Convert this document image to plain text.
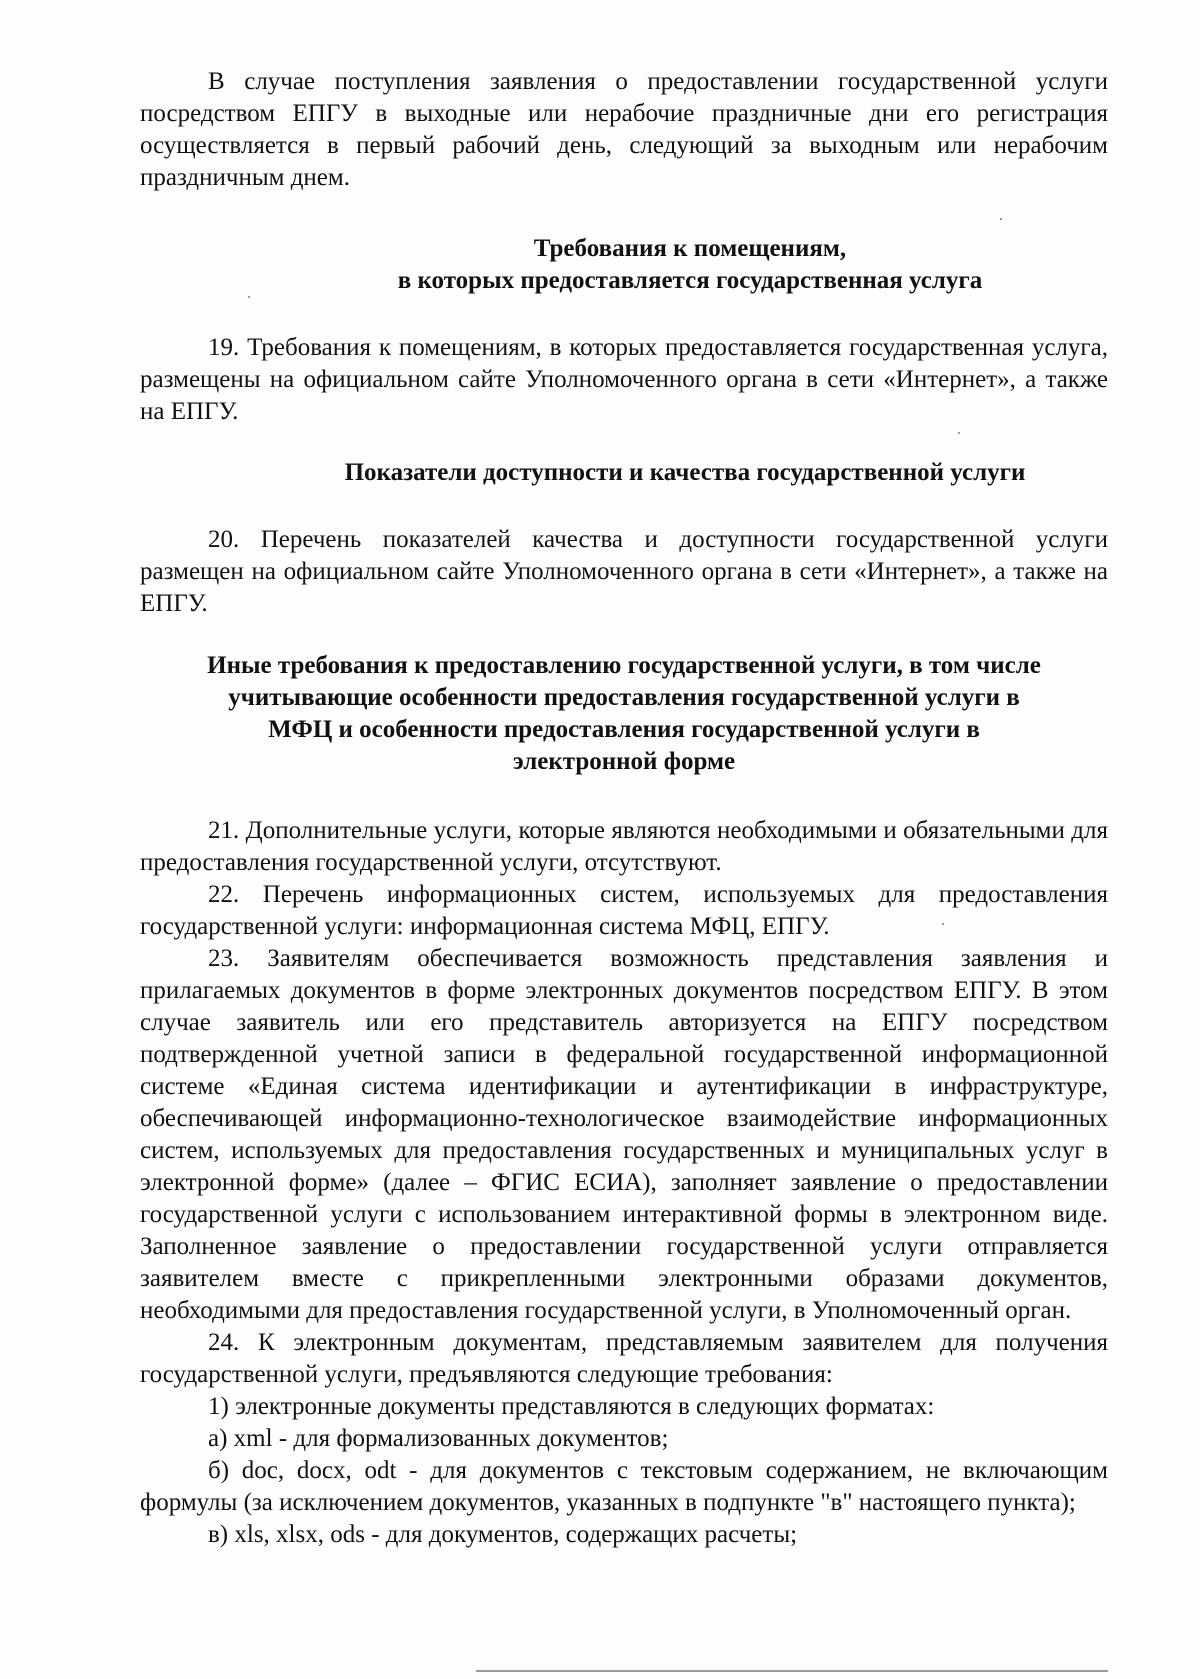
В случае поступления заявления о предоставлении государственной услуги посредством ЕПГУ в выходные или нерабочие праздничные дни его регистрация осуществляется в первый рабочий день, следующий за выходным или нерабочим праздничным днем.

Требования к помещениям,
в которых предоставляется государственная услуга

19. Требования к помещениям, в которых предоставляется государственная услуга, размещены на официальном сайте Уполномоченного органа в сети «Интернет», а также на ЕПГУ.

Показатели доступности и качества государственной услуги

20. Перечень показателей качества и доступности государственной услуги размещен на официальном сайте Уполномоченного органа в сети «Интернет», а также на ЕПГУ.

Иные требования к предоставлению государственной услуги, в том числе
учитывающие особенности предоставления государственной услуги в
МФЦ и особенности предоставления государственной услуги в
электронной форме

21. Дополнительные услуги, которые являются необходимыми и обязательными для предоставления государственной услуги, отсутствуют.

22. Перечень информационных систем, используемых для предоставления государственной услуги: информационная система МФЦ, ЕПГУ.

23. Заявителям обеспечивается возможность представления заявления и прилагаемых документов в форме электронных документов посредством ЕПГУ. В этом случае заявитель или его представитель авторизуется на ЕПГУ посредством подтвержденной учетной записи в федеральной государственной информационной системе «Единая система идентификации и аутентификации в инфраструктуре, обеспечивающей информационно-технологическое взаимодействие информационных систем, используемых для предоставления государственных и муниципальных услуг в электронной форме» (далее – ФГИС ЕСИА), заполняет заявление о предоставлении государственной услуги с использованием интерактивной формы в электронном виде. Заполненное заявление о предоставлении государственной услуги отправляется заявителем вместе с прикрепленными электронными образами документов, необходимыми для предоставления государственной услуги, в Уполномоченный орган.

24. К электронным документам, представляемым заявителем для получения государственной услуги, предъявляются следующие требования:

1) электронные документы представляются в следующих форматах:

а) xml - для формализованных документов;

б) doc, docx, odt - для документов с текстовым содержанием, не включающим формулы (за исключением документов, указанных в подпункте "в" настоящего пункта);

в) xls, xlsx, ods - для документов, содержащих расчеты;
